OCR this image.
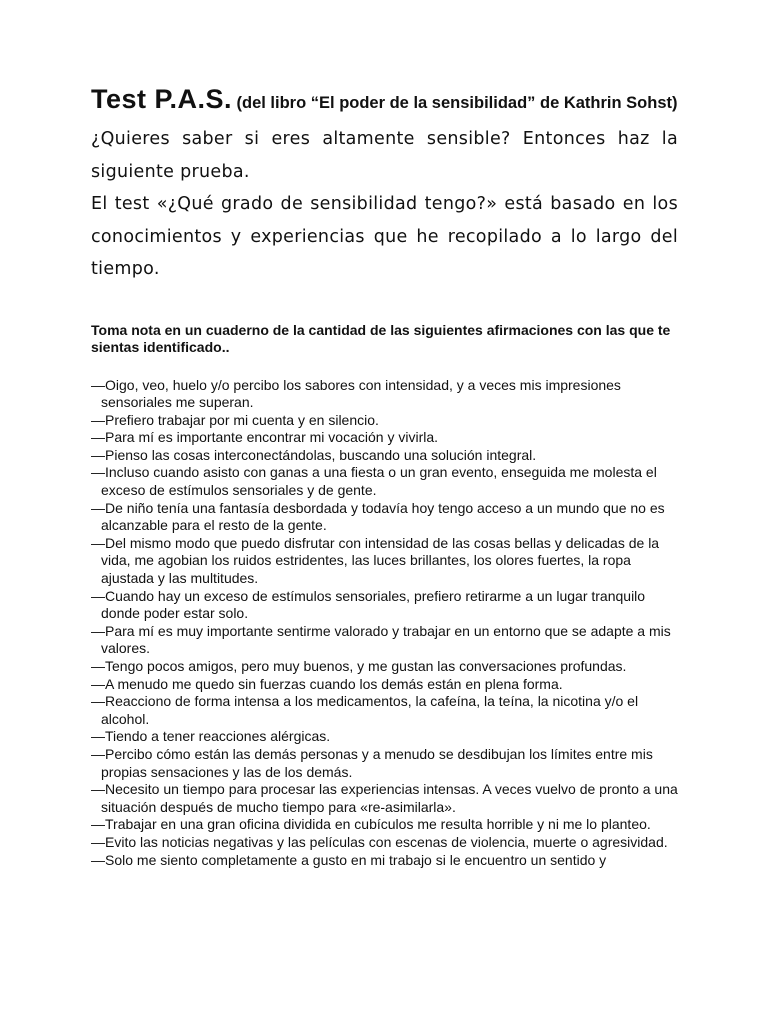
Test P.A.S. (del libro “El poder de la sensibilidad” de Kathrin Sohst)

¿Quieres saber si eres altamente sensible? Entonces haz la siguiente prueba.

El test «¿Qué grado de sensibilidad tengo?» está basado en los conocimientos y experiencias que he recopilado a lo largo del tiempo.

Toma nota en un cuaderno de la cantidad de las siguientes afirmaciones con las que te sientas identificado..
—Oigo, veo, huelo y/o percibo los sabores con intensidad, y a veces mis impresiones sensoriales me superan.
—Prefiero trabajar por mi cuenta y en silencio.
—Para mí es importante encontrar mi vocación y vivirla.
—Pienso las cosas interconectándolas, buscando una solución integral.
—Incluso cuando asisto con ganas a una fiesta o un gran evento, enseguida me molesta el exceso de estímulos sensoriales y de gente.
—De niño tenía una fantasía desbordada y todavía hoy tengo acceso a un mundo que no es alcanzable para el resto de la gente.
—Del mismo modo que puedo disfrutar con intensidad de las cosas bellas y delicadas de la vida, me agobian los ruidos estridentes, las luces brillantes, los olores fuertes, la ropa ajustada y las multitudes.
—Cuando hay un exceso de estímulos sensoriales, prefiero retirarme a un lugar tranquilo donde poder estar solo.
—Para mí es muy importante sentirme valorado y trabajar en un entorno que se adapte a mis valores.
—Tengo pocos amigos, pero muy buenos, y me gustan las conversaciones profundas.
—A menudo me quedo sin fuerzas cuando los demás están en plena forma.
—Reacciono de forma intensa a los medicamentos, la cafeína, la teína, la nicotina y/o el alcohol.
—Tiendo a tener reacciones alérgicas.
—Percibo cómo están las demás personas y a menudo se desdibujan los límites entre mis propias sensaciones y las de los demás.
—Necesito un tiempo para procesar las experiencias intensas. A veces vuelvo de pronto a una situación después de mucho tiempo para «re-asimilarla».
—Trabajar en una gran oficina dividida en cubículos me resulta horrible y ni me lo planteo.
—Evito las noticias negativas y las películas con escenas de violencia, muerte o agresividad.
—Solo me siento completamente a gusto en mi trabajo si le encuentro un sentido y
